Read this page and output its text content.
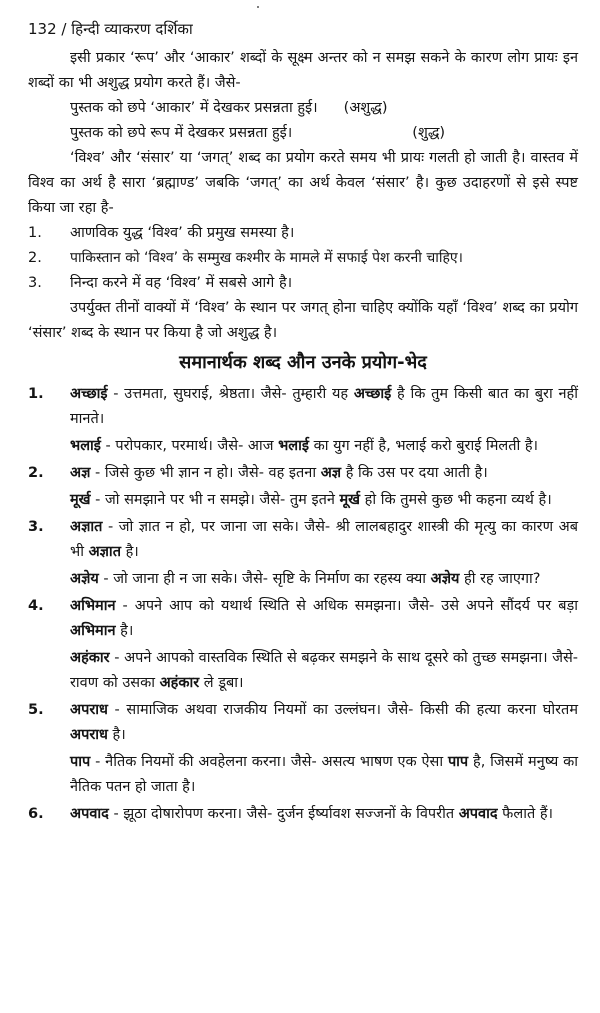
132 / हिन्दी व्याकरण दर्शिका

इसी प्रकार ‘रूप’ और ‘आकार’ शब्दों के सूक्ष्म अन्तर को न समझ सकने के कारण लोग प्रायः इन शब्दों का भी अशुद्ध प्रयोग करते हैं। जैसे-

पुस्तक को छपे ‘आकार’ में देखकर प्रसन्नता हुई। (अशुद्ध)
पुस्तक को छपे रूप में देखकर प्रसन्नता हुई।	(शुद्ध)

‘विश्व’ और ‘संसार’ या ‘जगत्’ शब्द का प्रयोग करते समय भी प्रायः गलती हो जाती है। वास्तव में विश्व का अर्थ है सारा ‘ब्रह्माण्ड’ जबकि ‘जगत्’ का अर्थ केवल ‘संसार’ है। कुछ उदाहरणों से इसे स्पष्ट किया जा रहा है-

1.	आणविक युद्ध ‘विश्व’ की प्रमुख समस्या है।
2.	पाकिस्तान को ‘विश्व’ के सम्मुख कश्मीर के मामले में सफाई पेश करनी चाहिए।
3.	निन्दा करने में वह ‘विश्व’ में सबसे आगे है।

उपर्युक्त तीनों वाक्यों में ‘विश्व’ के स्थान पर जगत् होना चाहिए क्योंकि यहाँ ‘विश्व’ शब्द का प्रयोग ‘संसार’ शब्द के स्थान पर किया है जो अशुद्ध है।

समानार्थक शब्द औन उनके प्रयोग-भेद
1.	अच्छाई - उत्तमता, सुघराई, श्रेष्ठता। जैसे- तुम्हारी यह अच्छाई है कि तुम किसी बात का बुरा नहीं मानते।

भलाई - परोपकार, परमार्थ। जैसे- आज भलाई का युग नहीं है, भलाई करो बुराई मिलती है।

2.	अज्ञ - जिसे कुछ भी ज्ञान न हो। जैसे- वह इतना अज्ञ है कि उस पर दया आती है।

मूर्ख - जो समझाने पर भी न समझे। जैसे- तुम इतने मूर्ख हो कि तुमसे कुछ भी कहना व्यर्थ है।

3.	अज्ञात - जो ज्ञात न हो, पर जाना जा सके। जैसे- श्री लालबहादुर शास्त्री की मृत्यु का कारण अब भी अज्ञात है।

अज्ञेय - जो जाना ही न जा सके। जैसे- सृष्टि के निर्माण का रहस्य क्या अज्ञेय ही रह जाएगा?

4.	अभिमान - अपने आप को यथार्थ स्थिति से अधिक समझना। जैसे- उसे अपने सौंदर्य पर बड़ा अभिमान है।

अहंकार - अपने आपको वास्तविक स्थिति से बढ़कर समझने के साथ दूसरे को तुच्छ समझना। जैसे- रावण को उसका अहंकार ले डूबा।

5.	अपराध - सामाजिक अथवा राजकीय नियमों का उल्लंघन। जैसे- किसी की हत्या करना घोरतम अपराध है।

पाप - नैतिक नियमों की अवहेलना करना। जैसे- असत्य भाषण एक ऐसा पाप है, जिसमें मनुष्य का नैतिक पतन हो जाता है।

6.	अपवाद - झूठा दोषारोपण करना। जैसे- दुर्जन ईर्ष्यावश सज्जनों के विपरीत अपवाद फैलाते हैं।
